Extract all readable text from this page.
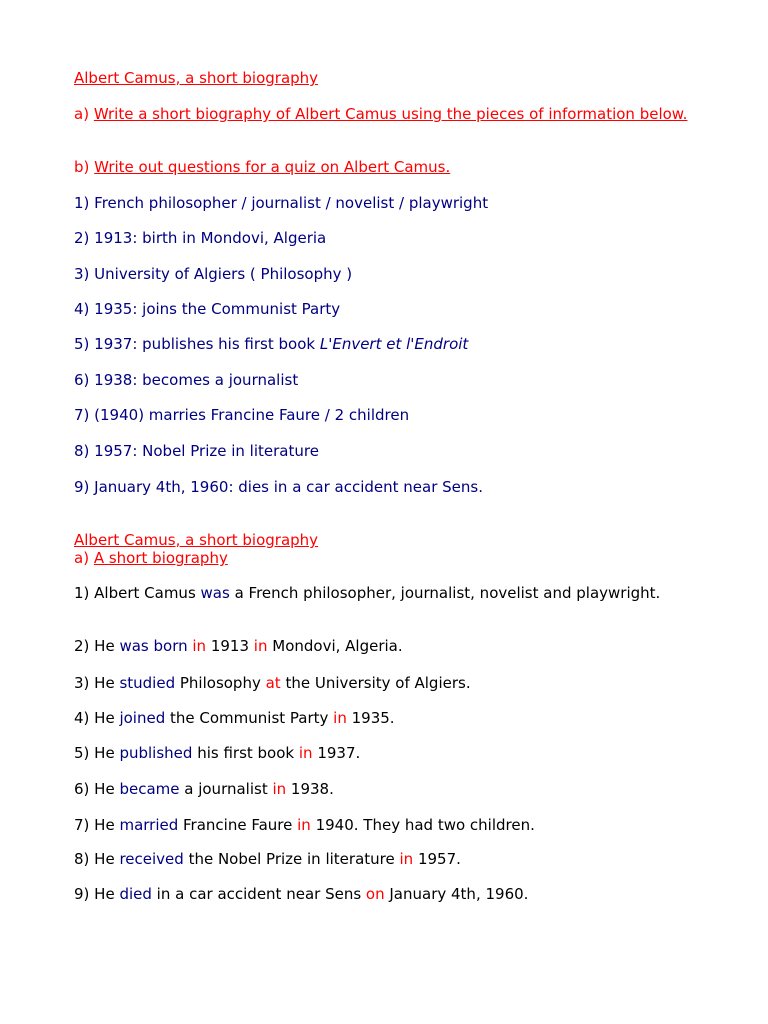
Albert Camus, a short biography
a) Write a short biography of Albert Camus using the pieces of information below.
b) Write out questions for a quiz on Albert Camus.
1) French philosopher / journalist / novelist / playwright
2) 1913: birth in Mondovi, Algeria
3) University of Algiers ( Philosophy )
4) 1935: joins the Communist Party
5) 1937: publishes his first book L'Envert et l'Endroit
6) 1938: becomes a journalist
7) (1940) marries Francine Faure / 2 children
8) 1957: Nobel Prize in literature
9) January 4th, 1960: dies in a car accident near Sens.
Albert Camus, a short biography
a) A short biography
1) Albert Camus was a French philosopher, journalist, novelist and playwright.
2) He was born in 1913 in Mondovi, Algeria.
3) He studied Philosophy at the University of Algiers.
4) He joined the Communist Party in 1935.
5) He published his first book in 1937.
6) He became a journalist in 1938.
7) He married Francine Faure in 1940. They had two children.
8) He received the Nobel Prize in literature in 1957.
9) He died in a car accident near Sens on January 4th, 1960.
